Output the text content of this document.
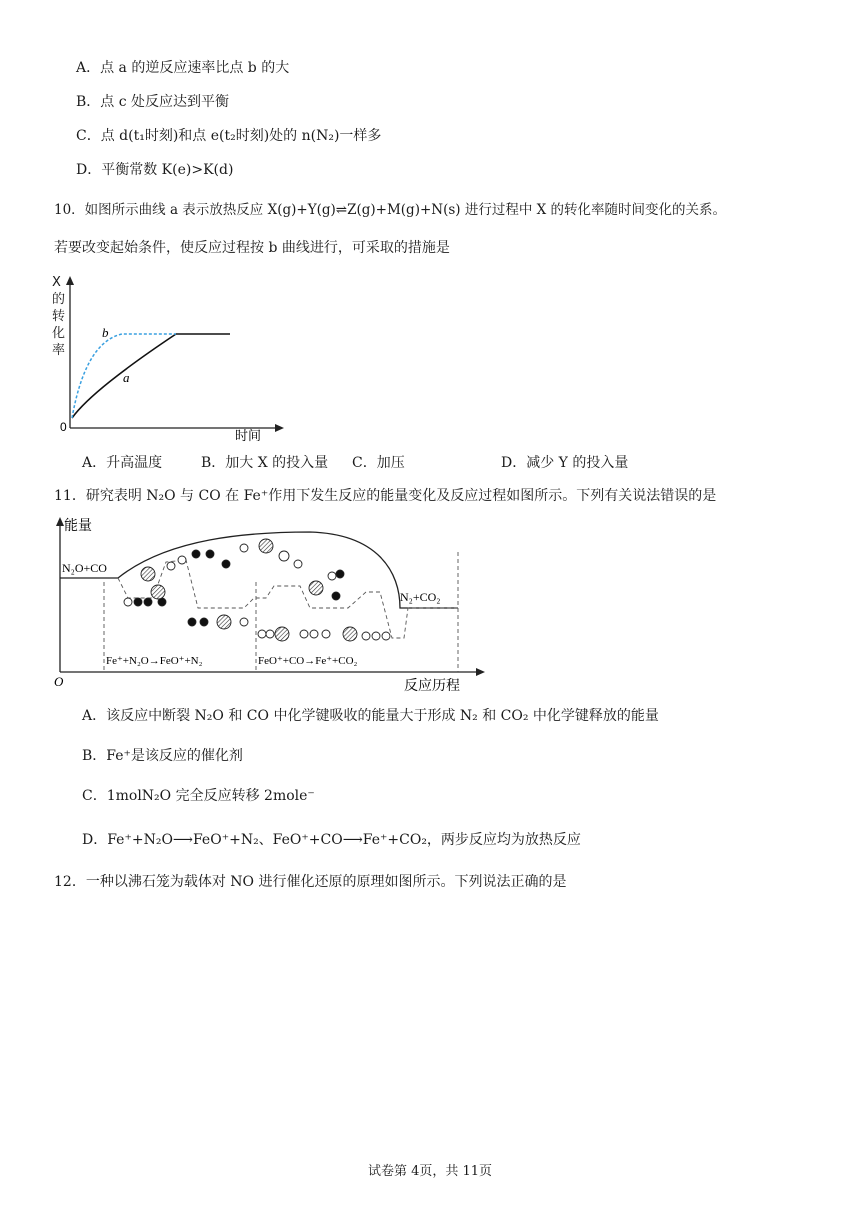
A．点 a 的逆反应速率比点 b 的大
B．点 c 处反应达到平衡
C．点 d(t₁时刻)和点 e(t₂时刻)处的 n(N₂)一样多
D．平衡常数 K(e)>K(d)
10．如图所示曲线 a 表示放热反应 X(g)+Y(g)⇌Z(g)+M(g)+N(s) 进行过程中 X 的转化率随时间变化的关系。
若要改变起始条件，使反应过程按 b 曲线进行，可采取的措施是
a
b
0
时间
X的转化率
A．升高温度	B．加大 X 的投入量 C．加压	D．减少 Y 的投入量
11．研究表明 N₂O 与 CO 在 Fe⁺作用下发生反应的能量变化及反应过程如图所示。下列有关说法错误的是
能量
O	反应历程
N₂O+CO
N₂+CO₂
Fe⁺+N₂O→FeO⁺+N₂	FeO⁺+CO→Fe⁺+CO₂
A．该反应中断裂 N₂O 和 CO 中化学键吸收的能量大于形成 N₂ 和 CO₂ 中化学键释放的能量
B．Fe⁺是该反应的催化剂
C．1molN₂O 完全反应转移 2mole⁻
D．Fe⁺+N₂O⟶FeO⁺+N₂、FeO⁺+CO⟶Fe⁺+CO₂，两步反应均为放热反应
12．一种以沸石笼为载体对 NO 进行催化还原的原理如图所示。下列说法正确的是
试卷第 4页，共 11页
